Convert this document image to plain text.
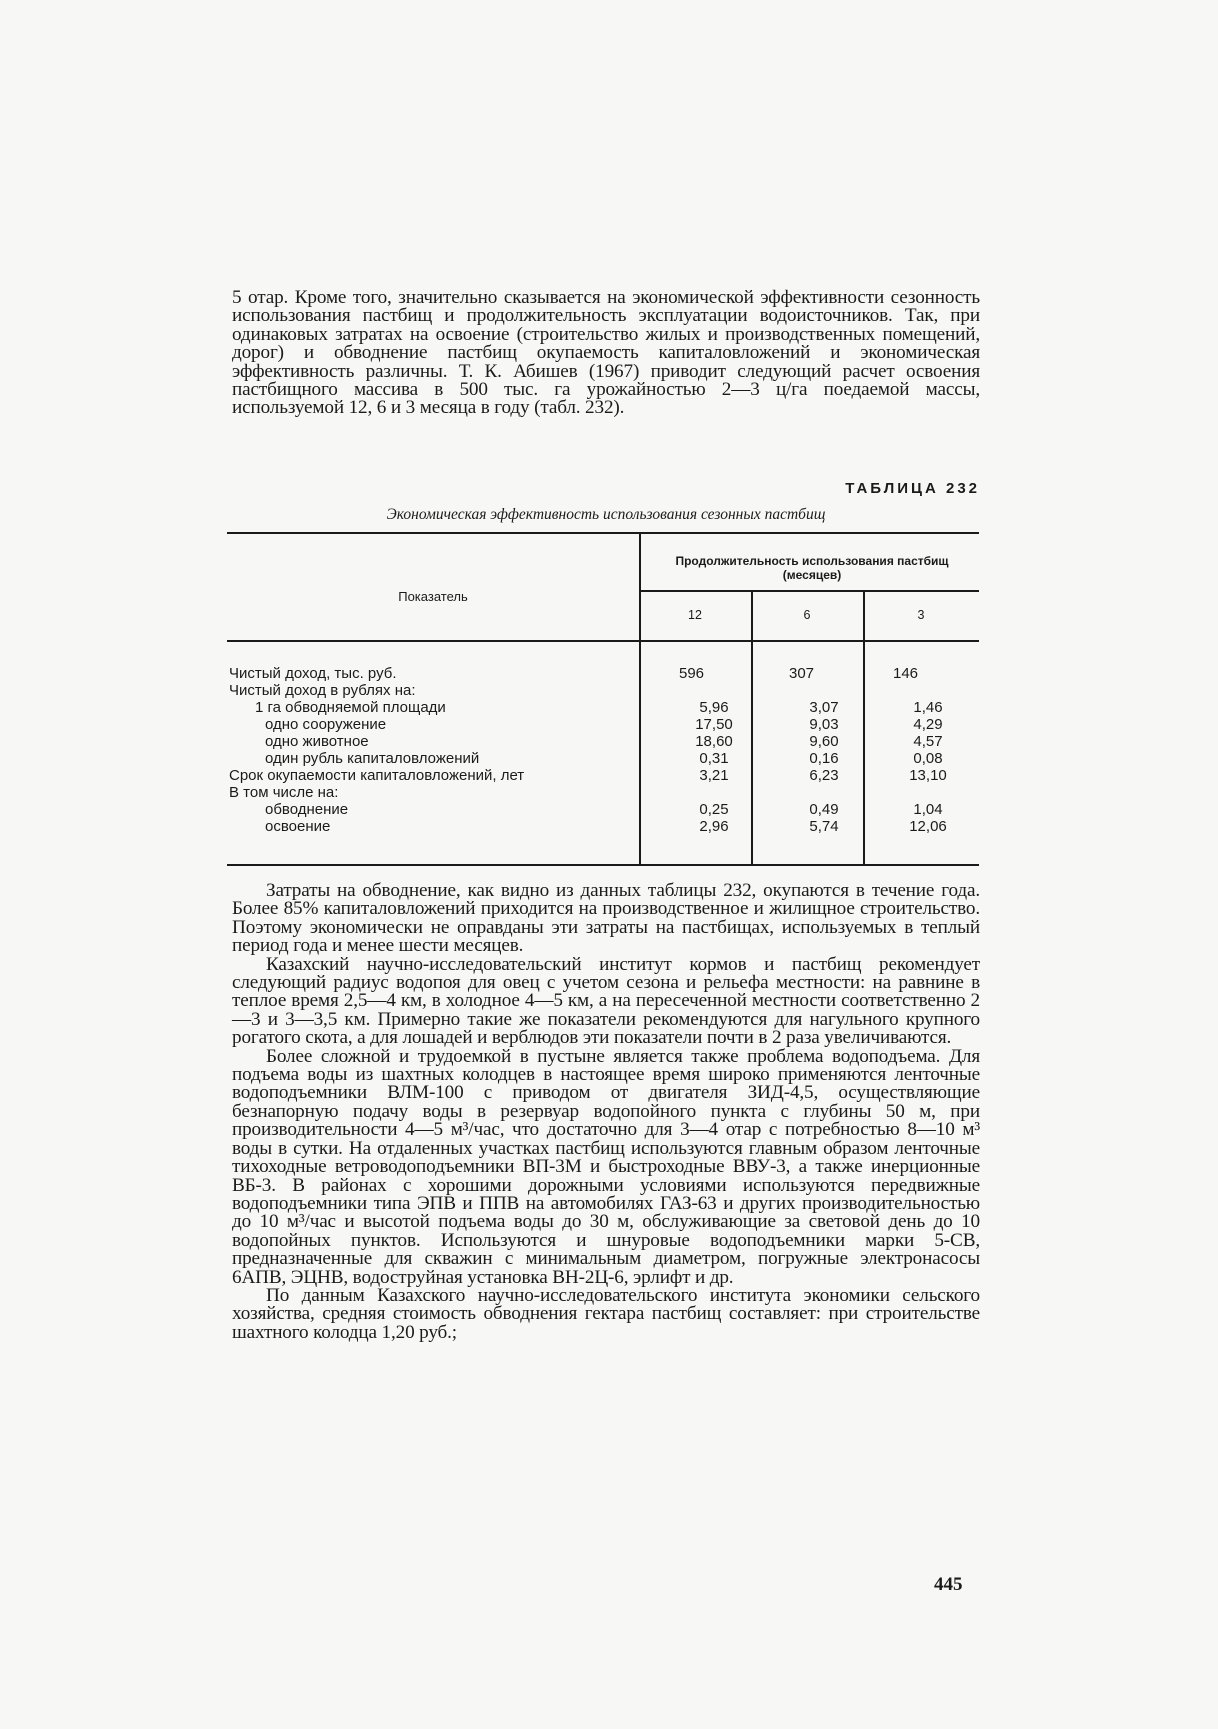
5 отар. Кроме того, значительно сказывается на экономической эффективности сезонность использования пастбищ и продолжительность эксплуатации водоисточников. Так, при одинаковых затратах на освоение (строительство жилых и производственных помещений, дорог) и обводнение пастбищ окупаемость капиталовложений и экономическая эффективность различны. Т. К. Абишев (1967) приводит следующий расчет освоения пастбищного массива в 500 тыс. га урожайностью 2—3 ц/га поедаемой массы, используемой 12, 6 и 3 месяца в году (табл. 232).

ТАБЛИЦА 232
Экономическая эффективность использования сезонных пастбищ
Показатель
Продолжительность использования пастбищ (месяцев)
12	6	3
Чистый доход, тыс. руб.	596	307	146
Чистый доход в рублях на:
1 га обводняемой площади	5,96	3,07	1,46
одно сооружение	17,50	9,03	4,29
одно животное	18,60	9,60	4,57
один рубль капиталовложений	0,31	0,16	0,08
Срок окупаемости капиталовложений, лет	3,21	6,23	13,10
В том числе на:
обводнение	0,25	0,49	1,04
освоение	2,96	5,74	12,06

Затраты на обводнение, как видно из данных таблицы 232, окупаются в течение года. Более 85% капиталовложений приходится на производственное и жилищное строительство. Поэтому экономически не оправданы эти затраты на пастбищах, используемых в теплый период года и менее шести месяцев.

Казахский научно-исследовательский институт кормов и пастбищ рекомендует следующий радиус водопоя для овец с учетом сезона и рельефа местности: на равнине в теплое время 2,5—4 км, в холодное 4—5 км, а на пересеченной местности соответственно 2—3 и 3—3,5 км. Примерно такие же показатели рекомендуются для нагульного крупного рогатого скота, а для лошадей и верблюдов эти показатели почти в 2 раза увеличиваются.

Более сложной и трудоемкой в пустыне является также проблема водоподъема. Для подъема воды из шахтных колодцев в настоящее время широко применяются ленточные водоподъемники ВЛМ-100 с приводом от двигателя ЗИД-4,5, осуществляющие безнапорную подачу воды в резервуар водопойного пункта с глубины 50 м, при производительности 4—5 м³/час, что достаточно для 3—4 отар с потребностью 8—10 м³ воды в сутки. На отдаленных участках пастбищ используются главным образом ленточные тихоходные ветроводоподъемники ВП-3М и быстроходные ВВУ-3, а также инерционные ВБ-3. В районах с хорошими дорожными условиями используются передвижные водоподъемники типа ЭПВ и ППВ на автомобилях ГАЗ-63 и других производительностью до 10 м³/час и высотой подъема воды до 30 м, обслуживающие за световой день до 10 водопойных пунктов. Используются и шнуровые водоподъемники марки 5-СВ, предназначенные для скважин с минимальным диаметром, погружные электронасосы 6АПВ, ЭЦНВ, водоструйная установка ВН-2Ц-6, эрлифт и др.

По данным Казахского научно-исследовательского института экономики сельского хозяйства, средняя стоимость обводнения гектара пастбищ составляет: при строительстве шахтного колодца 1,20 руб.;

445
